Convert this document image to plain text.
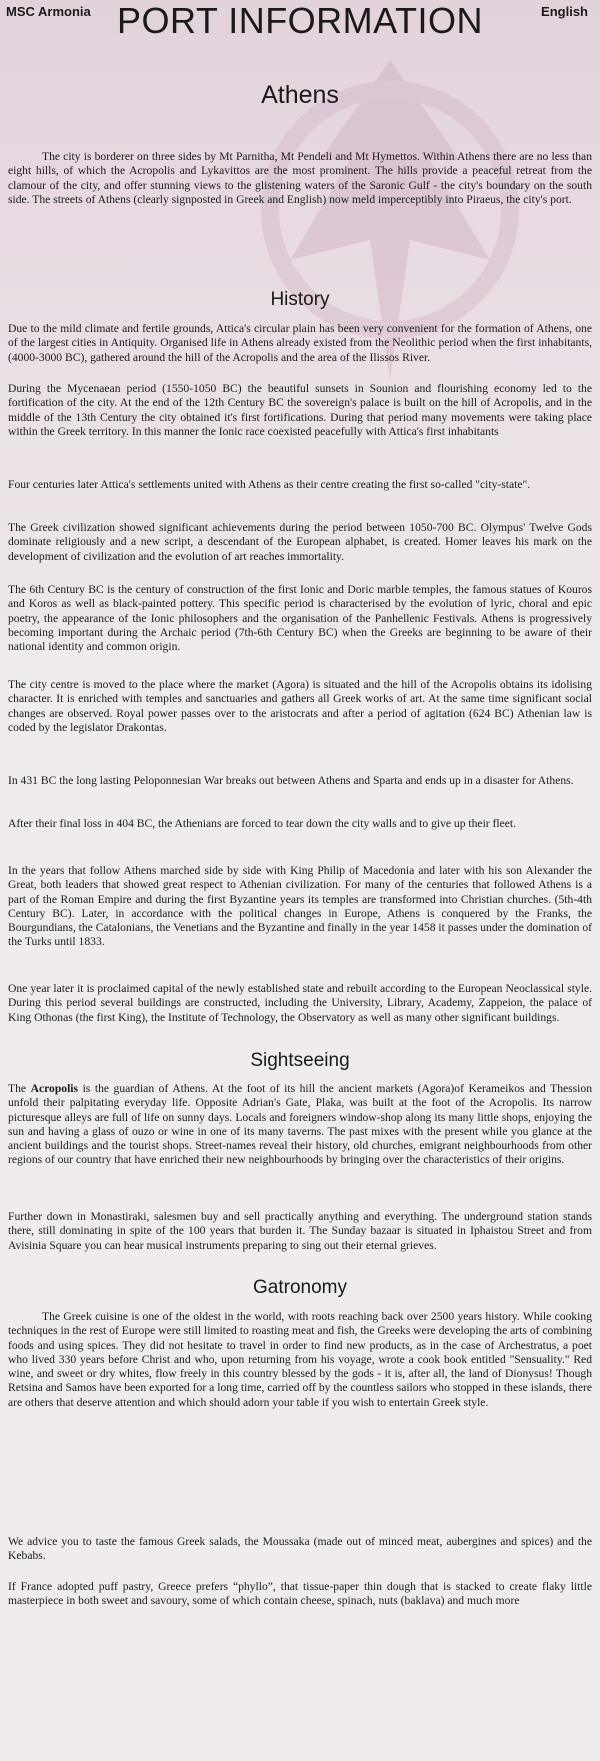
MSC Armonia PORT INFORMATION	English
Athens

The city is borderer on three sides by Mt Parnitha, Mt Pendeli and Mt Hymettos. Within Athens there are no less than eight hills, of which the Acropolis and Lykavittos are the most prominent. The hills provide a peaceful retreat from the clamour of the city, and offer stunning views to the glistening waters of the Saronic Gulf - the city's boundary on the south side. The streets of Athens (clearly signposted in Greek and English) now meld imperceptibly into Piraeus, the city's port.

History

Due to the mild climate and fertile grounds, Attica's circular plain has been very convenient for the formation of Athens, one of the largest cities in Antiquity. Organised life in Athens already existed from the Neolithic period when the first inhabitants, (4000-3000 BC), gathered around the hill of the Acropolis and the area of the Ilissos River.

During the Mycenaean period (1550-1050 BC) the beautiful sunsets in Sounion and flourishing economy led to the fortification of the city. At the end of the 12th Century BC the sovereign's palace is built on the hill of Acropolis, and in the middle of the 13th Century the city obtained it's first fortifications. During that period many movements were taking place within the Greek territory. In this manner the Ionic race coexisted peacefully with Attica's first inhabitants

Four centuries later Attica's settlements united with Athens as their centre creating the first so-called "city-state".

The Greek civilization showed significant achievements during the period between 1050-700 BC. Olympus' Twelve Gods dominate religiously and a new script, a descendant of the European alphabet, is created. Homer leaves his mark on the development of civilization and the evolution of art reaches immortality.

The 6th Century BC is the century of construction of the first Ionic and Doric marble temples, the famous statues of Kouros and Koros as well as black-painted pottery. This specific period is characterised by the evolution of lyric, choral and epic poetry, the appearance of the Ionic philosophers and the organisation of the Panhellenic Festivals. Athens is progressively becoming important during the Archaic period (7th-6th Century BC) when the Greeks are beginning to be aware of their national identity and common origin.

The city centre is moved to the place where the market (Agora) is situated and the hill of the Acropolis obtains its idolising character. It is enriched with temples and sanctuaries and gathers all Greek works of art. At the same time significant social changes are observed. Royal power passes over to the aristocrats and after a period of agitation (624 BC) Athenian law is coded by the legislator Drakontas.

In 431 BC the long lasting Peloponnesian War breaks out between Athens and Sparta and ends up in a disaster for Athens.

After their final loss in 404 BC, the Athenians are forced to tear down the city walls and to give up their fleet.

In the years that follow Athens marched side by side with King Philip of Macedonia and later with his son Alexander the Great, both leaders that showed great respect to Athenian civilization. For many of the centuries that followed Athens is a part of the Roman Empire and during the first Byzantine years its temples are transformed into Christian churches. (5th-4th Century BC). Later, in accordance with the political changes in Europe, Athens is conquered by the Franks, the Bourgundians, the Catalonians, the Venetians and the Byzantine and finally in the year 1458 it passes under the domination of the Turks until 1833.

One year later it is proclaimed capital of the newly established state and rebuilt according to the European Neoclassical style. During this period several buildings are constructed, including the University, Library, Academy, Zappeion, the palace of King Othonas (the first King), the Institute of Technology, the Observatory as well as many other significant buildings.

Sightseeing

The Acropolis is the guardian of Athens. At the foot of its hill the ancient markets (Agora)of Kerameikos and Thession unfold their palpitating everyday life. Opposite Adrian's Gate, Plaka, was built at the foot of the Acropolis. Its narrow picturesque alleys are full of life on sunny days. Locals and foreigners window-shop along its many little shops, enjoying the sun and having a glass of ouzo or wine in one of its many taverns. The past mixes with the present while you glance at the ancient buildings and the tourist shops. Street-names reveal their history, old churches, emigrant neighbourhoods from other regions of our country that have enriched their new neighbourhoods by bringing over the characteristics of their origins.

Further down in Monastiraki, salesmen buy and sell practically anything and everything. The underground station stands there, still dominating in spite of the 100 years that burden it. The Sunday bazaar is situated in Iphaistou Street and from Avisinia Square you can hear musical instruments preparing to sing out their eternal grieves.

Gatronomy

The Greek cuisine is one of the oldest in the world, with roots reaching back over 2500 years history. While cooking techniques in the rest of Europe were still limited to roasting meat and fish, the Greeks were developing the arts of combining foods and using spices. They did not hesitate to travel in order to find new products, as in the case of Archestratus, a poet who lived 330 years before Christ and who, upon returning from his voyage, wrote a cook book entitled "Sensuality." Red wine, and sweet or dry whites, flow freely in this country blessed by the gods - it is, after all, the land of Dionysus! Though Retsina and Samos have been exported for a long time, carried off by the countless sailors who stopped in these islands, there are others that deserve attention and which should adorn your table if you wish to entertain Greek style.

We advice you to taste the famous Greek salads, the Moussaka (made out of minced meat, aubergines and spices) and the Kebabs.

If France adopted puff pastry, Greece prefers “phyllo”, that tissue-paper thin dough that is stacked to create flaky little masterpiece in both sweet and savoury, some of which contain cheese, spinach, nuts (baklava) and much more
